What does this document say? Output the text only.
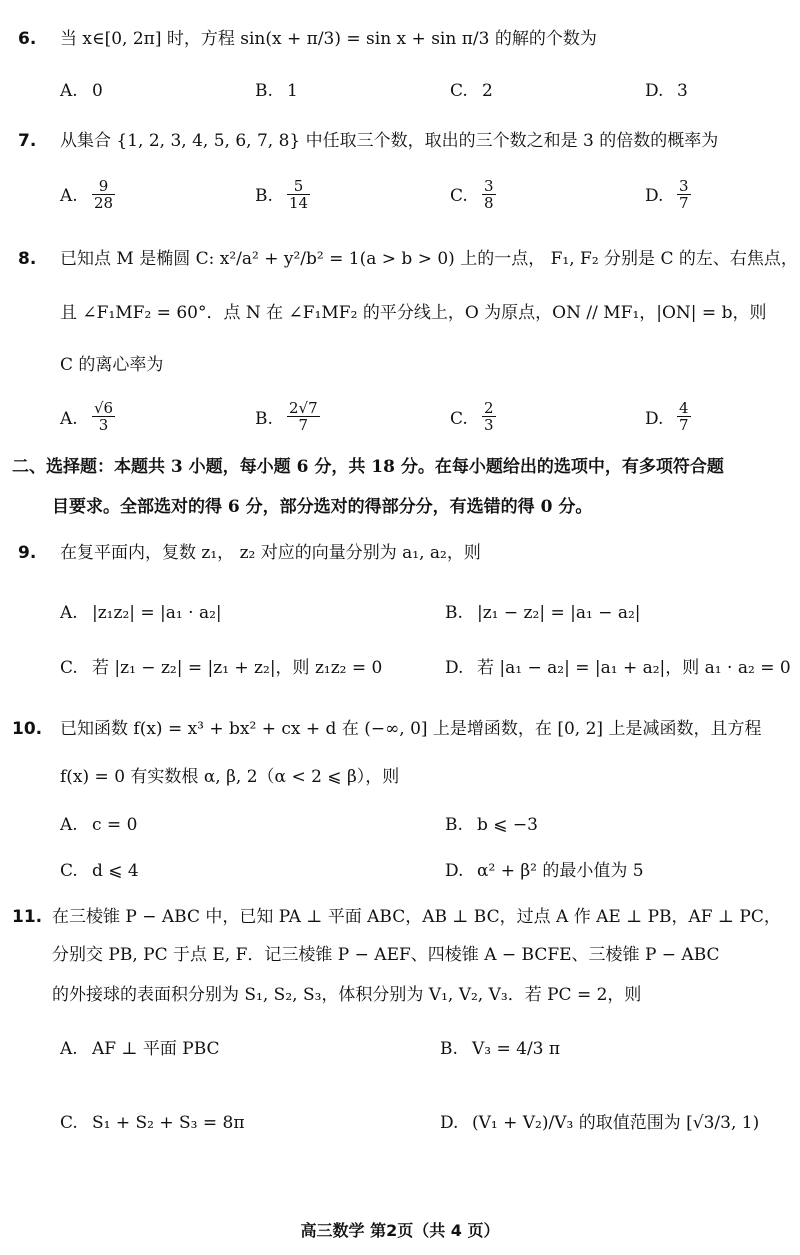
6. 当 x∈[0, 2π] 时，方程 sin(x + π/3) = sin x + sin π/3 的解的个数为
A. 0	B. 1	C. 2	D. 3
7. 从集合 {1, 2, 3, 4, 5, 6, 7, 8} 中任取三个数，取出的三个数之和是 3 的倍数的概率为
A. $\frac{9}{28}$	B. $\frac{5}{14}$	C. $\frac{3}{8}$	D. $\frac{3}{7}$
8. 已知点 M 是椭圆 C: x²/a² + y²/b² = 1(a > b > 0) 上的一点， F₁, F₂ 分别是 C 的左、右焦点，
且 ∠F₁MF₂ = 60°．点 N 在 ∠F₁MF₂ 的平分线上，O 为原点，ON // MF₁，|ON| = b，则
C 的离心率为
A. $\frac{√6}{3}$	B. $\frac{2√7}{7}$	C. $\frac{2}{3}$	D. $\frac{4}{7}$
二、选择题：本题共 3 小题，每小题 6 分，共 18 分。在每小题给出的选项中，有多项符合题
目要求。全部选对的得 6 分，部分选对的得部分分，有选错的得 0 分。
9. 在复平面内，复数 z₁， z₂ 对应的向量分别为 a₁, a₂，则
A. |z₁z₂| = |a₁ · a₂|	B. |z₁ − z₂| = |a₁ − a₂|
C. 若 |z₁ − z₂| = |z₁ + z₂|，则 z₁z₂ = 0	D. 若 |a₁ − a₂| = |a₁ + a₂|，则 a₁ · a₂ = 0
10. 已知函数 f(x) = x³ + bx² + cx + d 在 (−∞, 0] 上是增函数，在 [0, 2] 上是减函数，且方程
f(x) = 0 有实数根 α, β, 2（α < 2 ⩽ β），则
A. c = 0	B. b ⩽ −3
C. d ⩽ 4	D. α² + β² 的最小值为 5
11. 在三棱锥 P − ABC 中，已知 PA ⊥ 平面 ABC，AB ⊥ BC，过点 A 作 AE ⊥ PB，AF ⊥ PC，
分别交 PB, PC 于点 E, F．记三棱锥 P − AEF、四棱锥 A − BCFE、三棱锥 P − ABC
的外接球的表面积分别为 S₁, S₂, S₃，体积分别为 V₁, V₂, V₃．若 PC = 2，则
A. AF ⊥ 平面 PBC	B. V₃ = 4/3 π
C. S₁ + S₂ + S₃ = 8π	D. (V₁ + V₂)/V₃ 的取值范围为 [√3/3, 1)
高三数学 第2页（共 4 页）
